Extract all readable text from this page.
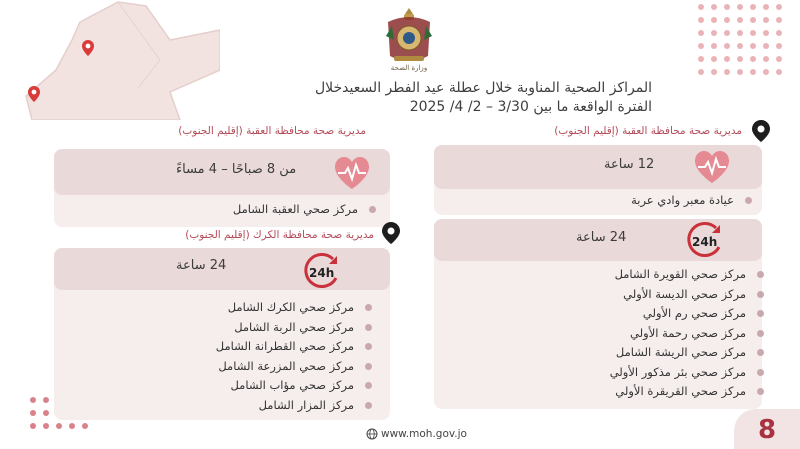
وزارة الصحة
المراكز الصحية المناوبة خلال عطلة عيد الفطر السعيدخلال
الفترة الواقعة ما بين 3/30 – 2/ 4/ 2025
مديرية صحة محافظة العقبة (إقليم الجنوب)
12 ساعة
عيادة معبر وادي عربة
24 ساعة	24h
مركز صحي القويرة الشامل
مركز صحي الديسة الأولي
مركز صحي رم الأولي
مركز صحي رحمة الأولي
مركز صحي الريشة الشامل
مركز صحي بئر مذكور الأولي
مركز صحي القريقرة الأولي
مديرية صحة محافظة العقبة (إقليم الجنوب)
من 8 صباحًا – 4 مساءً
مركز صحي العقبة الشامل
مديرية صحة محافظة الكرك (إقليم الجنوب)
24 ساعة	24h
مركز صحي الكرك الشامل
مركز صحي الربة الشامل
مركز صحي القطرانة الشامل
مركز صحي المزرعة الشامل
مركز صحي مؤاب الشامل
مركز المزار الشامل
www.moh.gov.jo	8
